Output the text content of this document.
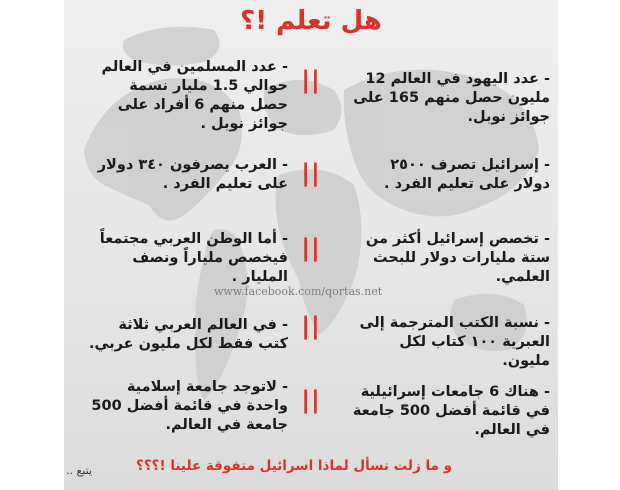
هل تعلم !؟
- عدد اليهود في العالم 12 مليون حصل منهم 165 على جوائز نوبل.
||
- عدد المسلمين في العالم حوالي 1.5 مليار نسمة حصل منهم 6 أفراد على جوائز نوبل .
- إسرائيل تصرف ٢٥٠٠ دولار على تعليم الفرد .
||
- العرب يصرفون ٣٤٠ دولار على تعليم الفرد .
- تخصص إسرائيل أكثر من ستة مليارات دولار للبحث العلمي.
||
- أما الوطن العربي مجتمعاً فيخصص ملياراً ونصف المليار .
www.facebook.com/qortas.net
- نسبة الكتب المترجمة إلى العبرية ١٠٠ كتاب لكل مليون.
||
- في العالم العربي ثلاثة كتب فقط لكل مليون عربي.
- هناك 6 جامعات إسرائيلية في قائمة أفضل 500 جامعة في العالم.
||
- لاتوجد جامعة إسلامية واحدة في قائمة أفضل 500 جامعة في العالم.
و ما زلت تسأل لماذا اسرائيل متفوقة علينا !؟؟؟
يتبع ..
